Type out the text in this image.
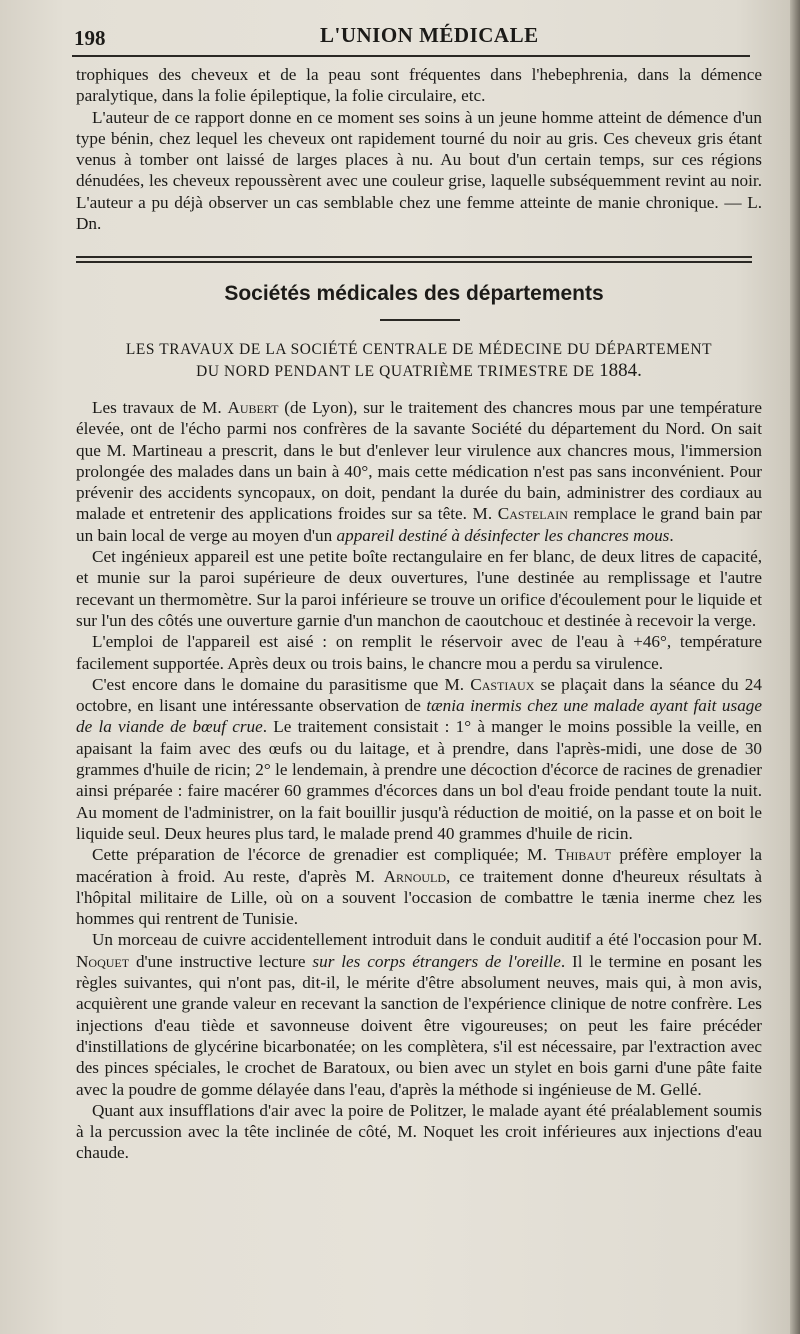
198	L'UNION MÉDICALE

trophiques des cheveux et de la peau sont fréquentes dans l'hebephrenia, dans la démence paralytique, dans la folie épileptique, la folie circulaire, etc.

L'auteur de ce rapport donne en ce moment ses soins à un jeune homme atteint de démence d'un type bénin, chez lequel les cheveux ont rapidement tourné du noir au gris. Ces cheveux gris étant venus à tomber ont laissé de larges places à nu. Au bout d'un certain temps, sur ces régions dénudées, les cheveux repoussèrent avec une couleur grise, laquelle subséquemment revint au noir. L'auteur a pu déjà observer un cas semblable chez une femme atteinte de manie chronique. — L. Dn.

Sociétés médicales des départements
LES TRAVAUX DE LA SOCIÉTÉ CENTRALE DE MÉDECINE DU DÉPARTEMENT
DU NORD PENDANT LE QUATRIÈME TRIMESTRE DE 1884.

Les travaux de M. Aubert (de Lyon), sur le traitement des chancres mous par une température élevée, ont de l'écho parmi nos confrères de la savante Société du département du Nord. On sait que M. Martineau a prescrit, dans le but d'enlever leur virulence aux chancres mous, l'immersion prolongée des malades dans un bain à 40°, mais cette médication n'est pas sans inconvénient. Pour prévenir des accidents syncopaux, on doit, pendant la durée du bain, administrer des cordiaux au malade et entretenir des applications froides sur sa tête. M. Castelain remplace le grand bain par un bain local de verge au moyen d'un appareil destiné à désinfecter les chancres mous.

Cet ingénieux appareil est une petite boîte rectangulaire en fer blanc, de deux litres de capacité, et munie sur la paroi supérieure de deux ouvertures, l'une destinée au remplissage et l'autre recevant un thermomètre. Sur la paroi inférieure se trouve un orifice d'écoulement pour le liquide et sur l'un des côtés une ouverture garnie d'un manchon de caoutchouc et destinée à recevoir la verge.

L'emploi de l'appareil est aisé : on remplit le réservoir avec de l'eau à +46°, température facilement supportée. Après deux ou trois bains, le chancre mou a perdu sa virulence.

C'est encore dans le domaine du parasitisme que M. Castiaux se plaçait dans la séance du 24 octobre, en lisant une intéressante observation de tænia inermis chez une malade ayant fait usage de la viande de bœuf crue. Le traitement consistait : 1° à manger le moins possible la veille, en apaisant la faim avec des œufs ou du laitage, et à prendre, dans l'après-midi, une dose de 30 grammes d'huile de ricin; 2° le lendemain, à prendre une décoction d'écorce de racines de grenadier ainsi préparée : faire macérer 60 grammes d'écorces dans un bol d'eau froide pendant toute la nuit. Au moment de l'administrer, on la fait bouillir jusqu'à réduction de moitié, on la passe et on boit le liquide seul. Deux heures plus tard, le malade prend 40 grammes d'huile de ricin.

Cette préparation de l'écorce de grenadier est compliquée; M. Thibaut préfère employer la macération à froid. Au reste, d'après M. Arnould, ce traitement donne d'heureux résultats à l'hôpital militaire de Lille, où on a souvent l'occasion de combattre le tænia inerme chez les hommes qui rentrent de Tunisie.

Un morceau de cuivre accidentellement introduit dans le conduit auditif a été l'occasion pour M. Noquet d'une instructive lecture sur les corps étrangers de l'oreille. Il le termine en posant les règles suivantes, qui n'ont pas, dit-il, le mérite d'être absolument neuves, mais qui, à mon avis, acquièrent une grande valeur en recevant la sanction de l'expérience clinique de notre confrère. Les injections d'eau tiède et savonneuse doivent être vigoureuses; on peut les faire précéder d'instillations de glycérine bicarbonatée; on les complètera, s'il est nécessaire, par l'extraction avec des pinces spéciales, le crochet de Baratoux, ou bien avec un stylet en bois garni d'une pâte faite avec la poudre de gomme délayée dans l'eau, d'après la méthode si ingénieuse de M. Gellé.

Quant aux insufflations d'air avec la poire de Politzer, le malade ayant été préalablement soumis à la percussion avec la tête inclinée de côté, M. Noquet les croit inférieures aux injections d'eau chaude.
